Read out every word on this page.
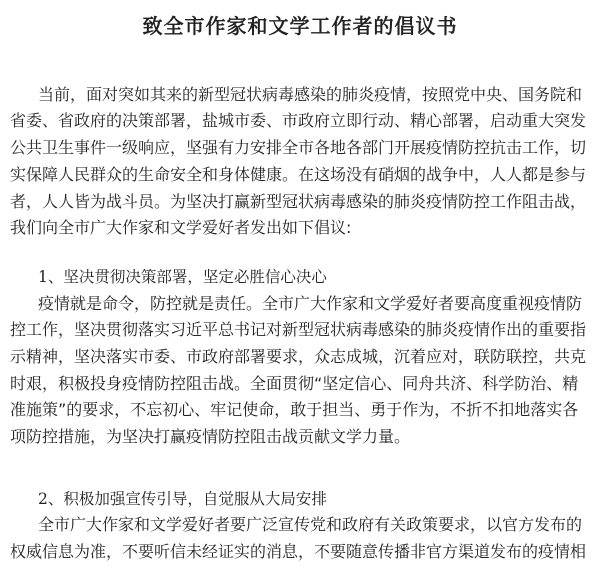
致全市作家和文学工作者的倡议书
当前，面对突如其来的新型冠状病毒感染的肺炎疫情，按照党中央、国务院和
省委、省政府的决策部署，盐城市委、市政府立即行动、精心部署，启动重大突发
公共卫生事件一级响应，坚强有力安排全市各地各部门开展疫情防控抗击工作，切
实保障人民群众的生命安全和身体健康。在这场没有硝烟的战争中，人人都是参与
者，人人皆为战斗员。为坚决打赢新型冠状病毒感染的肺炎疫情防控工作阻击战，
我们向全市广大作家和文学爱好者发出如下倡议:
1、坚决贯彻决策部署，坚定必胜信心决心
疫情就是命令，防控就是责任。全市广大作家和文学爱好者要高度重视疫情防
控工作，坚决贯彻落实习近平总书记对新型冠状病毒感染的肺炎疫情作出的重要指
示精神，坚决落实市委、市政府部署要求，众志成城，沉着应对，联防联控，共克
时艰，积极投身疫情防控阻击战。全面贯彻“坚定信心、同舟共济、科学防治、精
准施策”的要求，不忘初心、牢记使命，敢于担当、勇于作为，不折不扣地落实各
项防控措施，为坚决打赢疫情防控阻击战贡献文学力量。
2、积极加强宣传引导，自觉服从大局安排
全市广大作家和文学爱好者要广泛宣传党和政府有关政策要求，以官方发布的
权威信息为准，不要听信未经证实的消息，不要随意传播非官方渠道发布的疫情相
